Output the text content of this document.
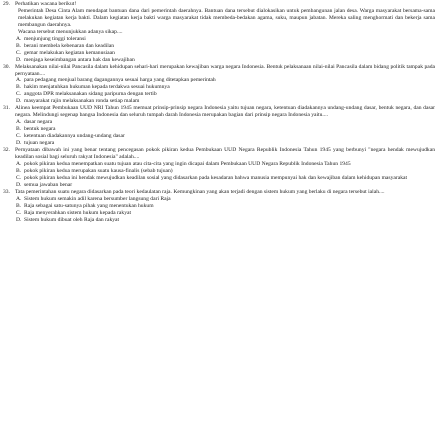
29. Perhatikan wacana berikut!
Pemerintah Desa Cinta Alam mendapat bantuan dana dari pemerintah daerahnya. Bantuan dana tersebut dialokasikan untuk pembangunan jalan desa. Warga masyarakat bersama-sama melakukan kegiatan kerja bakti. Dalam kegiatan kerja bakti warga masyarakat tidak membeda-bedakan agama, suku, maupun jabatan. Mereka saling menghormati dan bekerja sama membangun daerahnya.
Wacana tersebut menunjukkan adanya sikap....
A. menjunjung tinggi toleransi
B. berani membela kebenaran dan keadilan
C. gemar melakukan kegiatan kemanusiaan
D. menjaga keseimbangan antara hak dan kewajiban
30. Melaksanakan nilai-nilai Pancasila dalam kehidupan sehari-hari merupakan kewajiban warga negara Indonesia. Bentuk pelaksanaan nilai-nilai Pancasila dalam bidang politik tampak pada pernyataan....
A. para pedagang menjual barang dagangannya sesuai harga yang ditetapkan pemerintah
B. hakim menjatuhkan hukuman kepada terdakwa sesuai hukumnya
C. anggota DPR melaksanakan sidang paripurna dengan tertib
D. masyarakat rajin melaksanakan ronda setiap malam
31. Alinea keempat Pembukaan UUD NRI Tahun 1945 memuat prinsip-prinsip negara Indonesia yaitu tujuan negara, ketentuan diadakannya undang-undang dasar, bentuk negara, dan dasar negara. Melindungi segenap bangsa Indonesia dan seluruh tumpah darah Indonesia merupakan bagian dari prinsip negara Indonesia yaitu....
A. dasar negara
B. bentuk negara
C. ketentuan diadakannya undang-undang dasar
D. tujuan negara
32. Pernyataan dibawah ini yang benar tentang pencegasan pokok pikiran kedua Pembukaan UUD Negara Republik Indonesia Tahun 1945 yang berbunyi "negara hendak mewujudkan keadilan sosial bagi seluruh rakyat Indonesia" adalah....
A. pokok pikiran kedua menempatkan suatu tujuan atau cita-cita yang ingin dicapai dalam Pembukaan UUD Negara Republik Indonesia Tahun 1945
B. pokok pikiran kedua merupakan suatu kausa-finalis (sebab tujuan)
C. pokok pikiran kedua ini hendak mewujudkan keadilan sosial yang didasarkan pada kesadaran bahwa manusia mempunyai hak dan kewajiban dalam kehidupan masyarakat
D. semua jawaban benar
33. Tata pemerintahan suatu negara didasarkan pada teori kedaulatan raja. Kemungkinan yang akan terjadi dengan sistem hukum yang berlaku di negara tersebut ialah....
A. Sistem hukum semakin adil karena bersumber langsung dari Raja
B. Raja sebagai satu-satunya pihak yang menentukan hukum
C. Raja menyerahkan sistem hukum kepada rakyat
D. Sistem hukum dibuat oleh Raja dan rakyat
